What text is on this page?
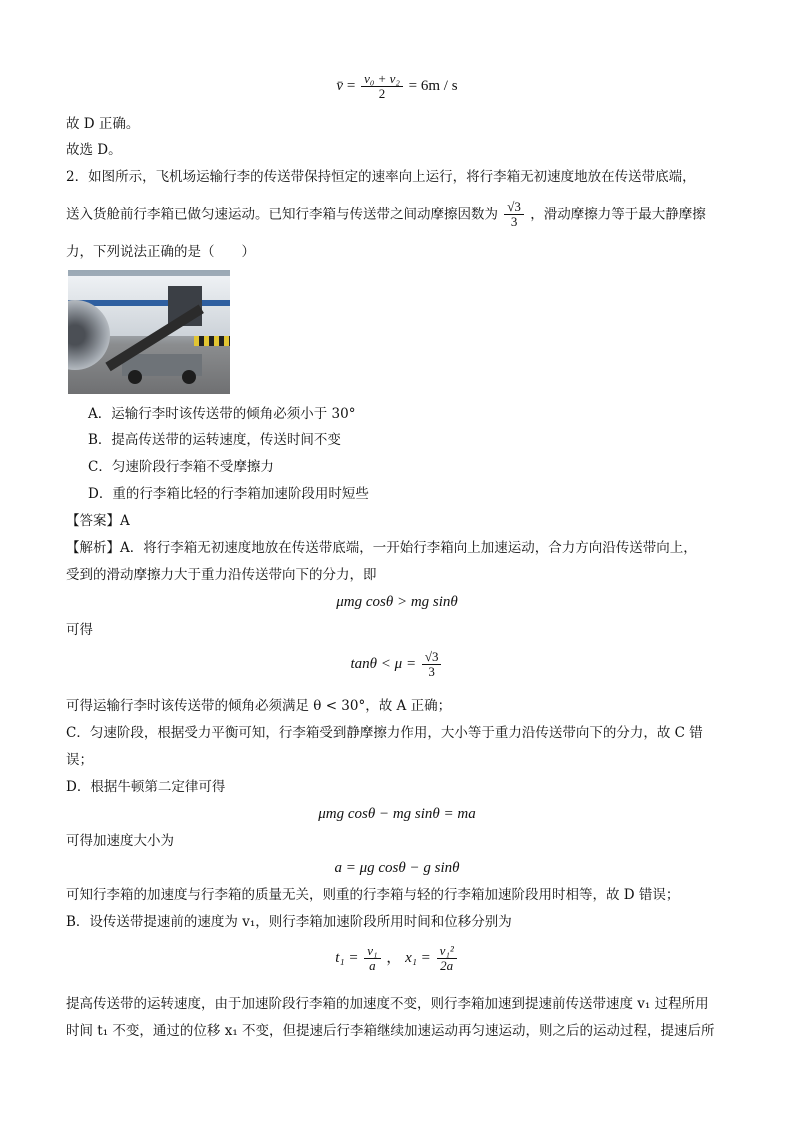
v̄ = $\frac{\text{v₀ + v₂}}{2} = 6m / s$
故 D 正确。
故选 D。
2．如图所示，飞机场运输行李的传送带保持恒定的速率向上运行，将行李箱无初速度地放在传送带底端，
送入货舱前行李箱已做匀速运动。已知行李箱与传送带之间动摩擦因数为 $\frac{√3}{3}$ ，滑动摩擦力等于最大静摩擦
力，下列说法正确的是（　　）
A．运输行李时该传送带的倾角必须小于 30°
B．提高传送带的运转速度，传送时间不变
C．匀速阶段行李箱不受摩擦力
D．重的行李箱比轻的行李箱加速阶段用时短些
【答案】A
【解析】A．将行李箱无初速度地放在传送带底端，一开始行李箱向上加速运动，合力方向沿传送带向上，
受到的滑动摩擦力大于重力沿传送带向下的分力，即
μmg cosθ > mg sinθ
可得
$\tan\theta < \mu = \frac{√3}{3}$
可得运输行李时该传送带的倾角必须满足 θ < 30°，故 A 正确；
C．匀速阶段，根据受力平衡可知，行李箱受到静摩擦力作用，大小等于重力沿传送带向下的分力，故 C 错
误；
D．根据牛顿第二定律可得
μmg cosθ − mg sinθ = ma
可得加速度大小为
a = μg cosθ − g sinθ
可知行李箱的加速度与行李箱的质量无关，则重的行李箱与轻的行李箱加速阶段用时相等，故 D 错误；
B．设传送带提速前的速度为 v₁，则行李箱加速阶段所用时间和位移分别为
$t_1 = \frac{\text{v₁}}{a}$ ， $x_1 = \frac{\text{v₁²}}{2a}$
提高传送带的运转速度，由于加速阶段行李箱的加速度不变，则行李箱加速到提速前传送带速度 v₁ 过程所用
时间 t₁ 不变，通过的位移 x₁ 不变，但提速后行李箱继续加速运动再匀速运动，则之后的运动过程，提速后所
